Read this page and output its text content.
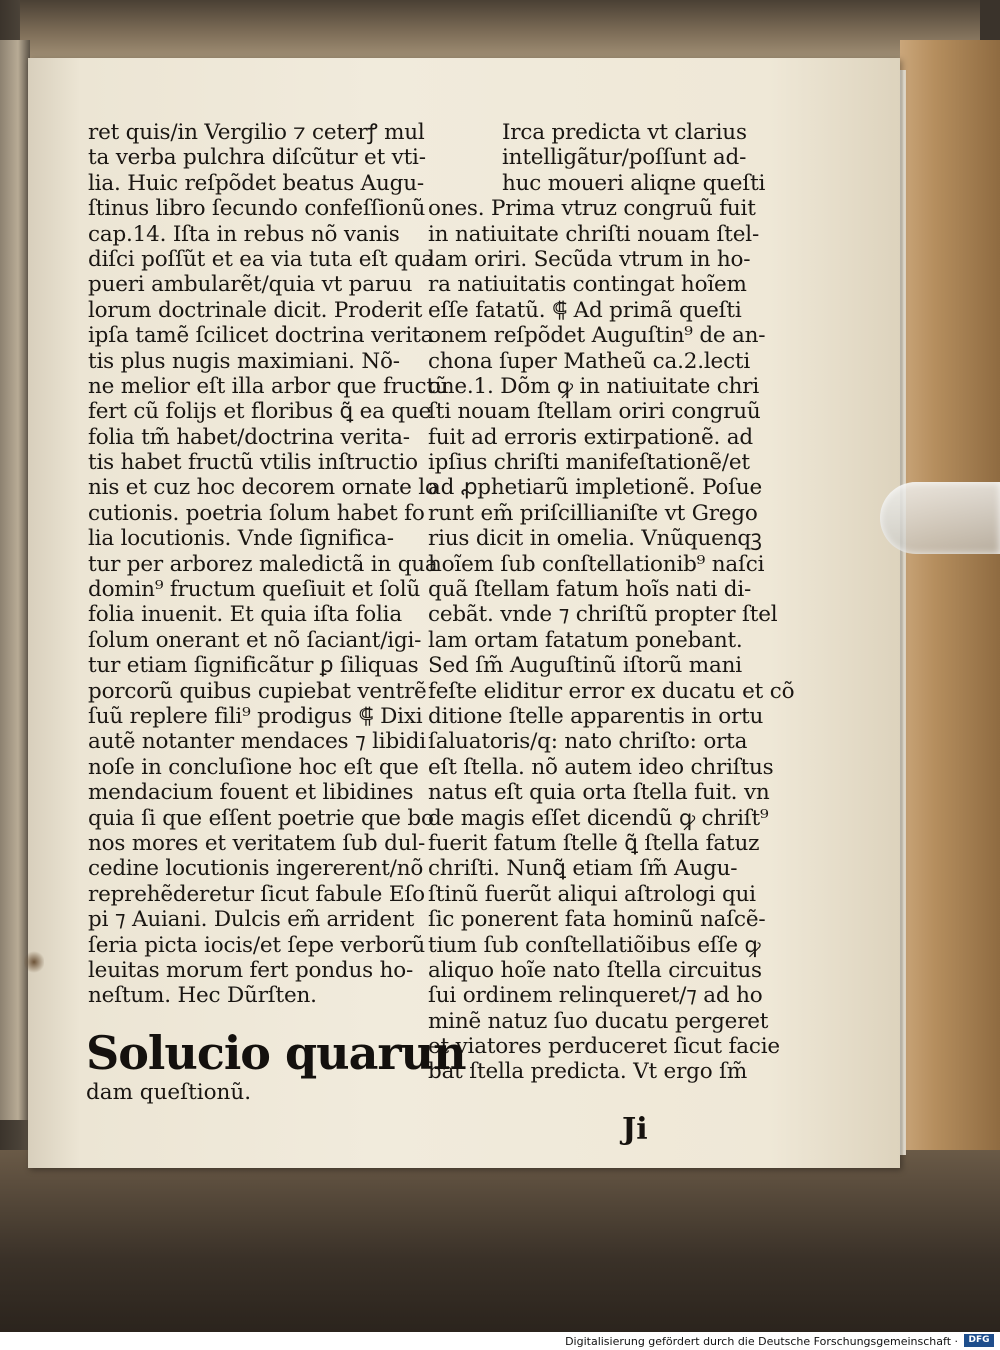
ret quis/in Vergilio ⁊ ceterꝭ mul
ta verba pulchra diſcũtur et vti-
lia. Huic reſpõdet beatus Augu-
ſtinus libro ſecundo confeſſionũ
cap.14. Iſta in rebus nõ vanis
diſci poſſũt et ea via tuta eſt qua
pueri ambularẽt/quia vt paruu
lorum doctrinale dicit. Proderit
ipſa tamẽ ſcilicet doctrina verita
tis plus nugis maximiani. Nõ-
ne melior eſt illa arbor que fructũ
fert cũ folijs et floribus ꝗ̃ ea que
folia tm̃ habet/doctrina verita-
tis habet fructũ vtilis inſtructio
nis et cuz hoc decorem ornate lo
cutionis. poetria ſolum habet fo
lia locutionis. Vnde ſignifica-
tur per arborez maledictã in qua
domin⁹ fructum queſiuit et ſolũ
folia inuenit. Et quia iſta folia
ſolum onerant et nõ ſaciant/igi-
tur etiam ſignificãtur ꝑ ſiliquas
porcorũ quibus cupiebat ventrẽ
ſuũ replere fili⁹ prodigus ⸿ Dixi
autẽ notanter mendaces ⁊ libidi
noſe in concluſione hoc eſt que
mendacium fouent et libidines
quia ſi que eſſent poetrie que bo
nos mores et veritatem ſub dul-
cedine locutionis ingererent/nõ
reprehẽderetur ſicut fabule Eſo
pi ⁊ Auiani. Dulcis em̃ arrident
ſeria picta iocis/et ſepe verborũ
leuitas morum fert pondus ho-
neſtum. Hec Dũrſten.
Irca predicta vt clarius
intelligãtur/poſſunt ad-
huc moueri aliqne queſti
ones. Prima vtruz congruũ fuit
in natiuitate chriſti nouam ſtel-
lam oriri. Secũda vtrum in ho-
ra natiuitatis contingat hoĩem
eſſe fatatũ. ⸿ Ad primã queſti
onem reſpõdet Auguſtin⁹ de an-
chona ſuper Matheũ ca.2.lecti
one.1. Dõm ꝙ in natiuitate chri
ſti nouam ſtellam oriri congruũ
fuit ad erroris extirpationẽ. ad
ipſius chriſti manifeſtationẽ/et
ad ꝓphetiarũ impletionẽ. Poſue
runt em̃ priſcillianiſte vt Grego
rius dicit in omelia. Vnũquenqꝫ
hoĩem ſub conſtellationib⁹ naſci
quã ſtellam fatum hoĩs nati di-
cebãt. vnde ⁊ chriſtũ propter ſtel
lam ortam fatatum ponebant.
Sed ſm̃ Auguſtinũ iſtorũ mani
feſte eliditur error ex ducatu et cõ
ditione ſtelle apparentis in ortu
ſaluatoris/q: nato chriſto: orta
eſt ſtella. nõ autem ideo chriſtus
natus eſt quia orta ſtella fuit. vn
de magis eſſet dicendũ ꝙ chriſt⁹
fuerit fatum ſtelle ꝗ̃ ſtella fatuz
chriſti. Nunꝗ̃ etiam ſm̃ Augu-
ſtinũ fuerũt aliqui aſtrologi qui
ſic ponerent fata hominũ naſcẽ-
tium ſub conſtellatiõibus eſſe ꝙ
aliquo hoĩe nato ſtella circuitus
ſui ordinem relinqueret/⁊ ad ho
minẽ natuz ſuo ducatu pergeret
et viatores perduceret ſicut facie
bat ſtella predicta. Vt ergo ſm̃
Solucio quarun
dam queſtionũ.
Ji
Digitalisierung gefördert durch die Deutsche Forschungsgemeinschaft ·	DFG
